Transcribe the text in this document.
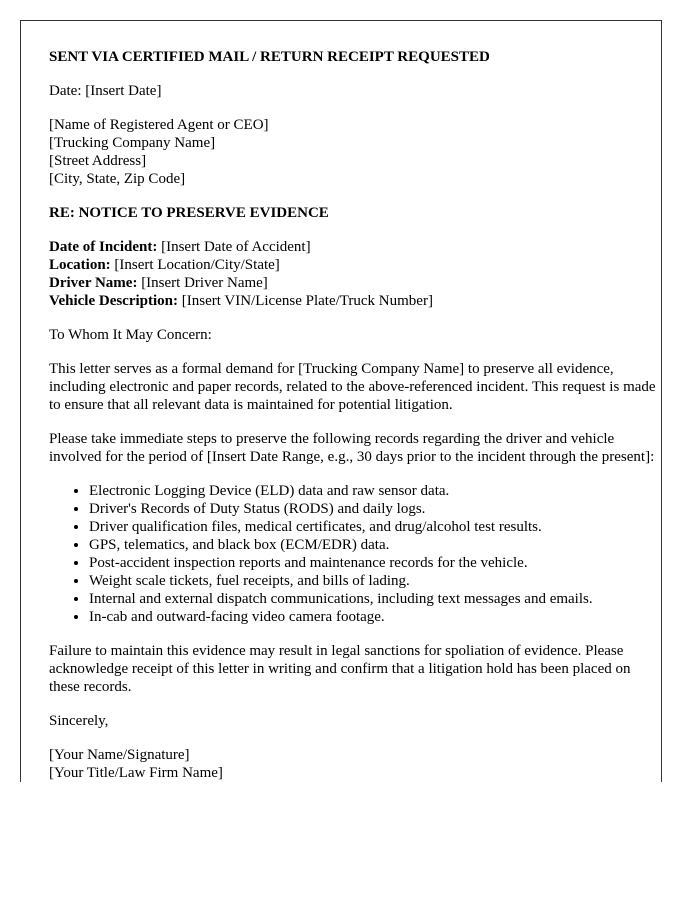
SENT VIA CERTIFIED MAIL / RETURN RECEIPT REQUESTED

Date: [Insert Date]

[Name of Registered Agent or CEO]
[Trucking Company Name]
[Street Address]
[City, State, Zip Code]

RE: NOTICE TO PRESERVE EVIDENCE

Date of Incident: [Insert Date of Accident]
Location: [Insert Location/City/State]
Driver Name: [Insert Driver Name]
Vehicle Description: [Insert VIN/License Plate/Truck Number]

To Whom It May Concern:

This letter serves as a formal demand for [Trucking Company Name] to preserve all evidence, including electronic and paper records, related to the above-referenced incident. This request is made to ensure that all relevant data is maintained for potential litigation.

Please take immediate steps to preserve the following records regarding the driver and vehicle involved for the period of [Insert Date Range, e.g., 30 days prior to the incident through the present]:

• Electronic Logging Device (ELD) data and raw sensor data.
• Driver's Records of Duty Status (RODS) and daily logs.
• Driver qualification files, medical certificates, and drug/alcohol test results.
• GPS, telematics, and black box (ECM/EDR) data.
• Post-accident inspection reports and maintenance records for the vehicle.
• Weight scale tickets, fuel receipts, and bills of lading.
• Internal and external dispatch communications, including text messages and emails.
• In-cab and outward-facing video camera footage.

Failure to maintain this evidence may result in legal sanctions for spoliation of evidence. Please acknowledge receipt of this letter in writing and confirm that a litigation hold has been placed on these records.

Sincerely,

[Your Name/Signature]
[Your Title/Law Firm Name]
